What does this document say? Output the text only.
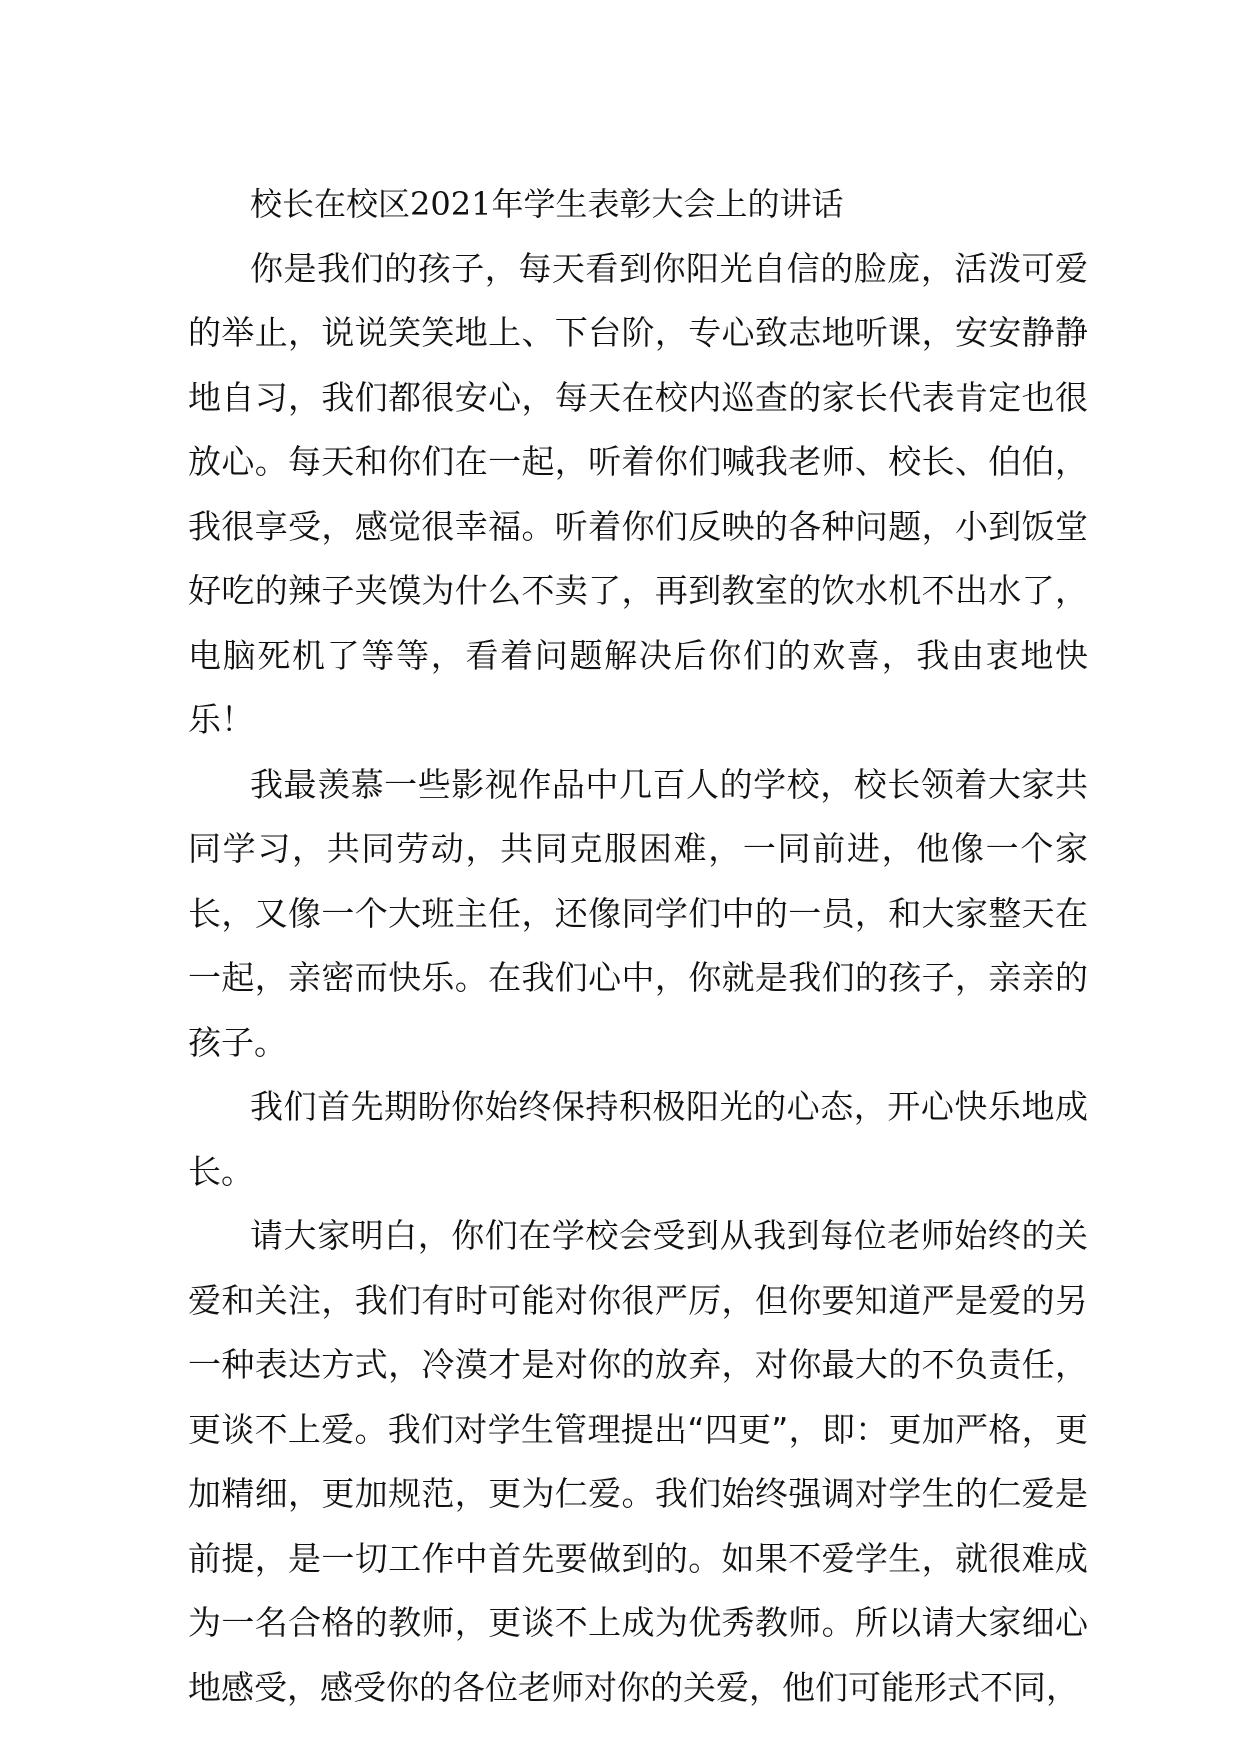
校长在校区2021年学生表彰大会上的讲话

你是我们的孩子，每天看到你阳光自信的脸庞，活泼可爱的举止，说说笑笑地上、下台阶，专心致志地听课，安安静静地自习，我们都很安心，每天在校内巡查的家长代表肯定也很放心。每天和你们在一起，听着你们喊我老师、校长、伯伯，我很享受，感觉很幸福。听着你们反映的各种问题，小到饭堂好吃的辣子夹馍为什么不卖了，再到教室的饮水机不出水了，电脑死机了等等，看着问题解决后你们的欢喜，我由衷地快乐！

我最羡慕一些影视作品中几百人的学校，校长领着大家共同学习，共同劳动，共同克服困难，一同前进，他像一个家长，又像一个大班主任，还像同学们中的一员，和大家整天在一起，亲密而快乐。在我们心中，你就是我们的孩子，亲亲的孩子。

我们首先期盼你始终保持积极阳光的心态，开心快乐地成长。

请大家明白，你们在学校会受到从我到每位老师始终的关爱和关注，我们有时可能对你很严厉，但你要知道严是爱的另一种表达方式，冷漠才是对你的放弃，对你最大的不负责任，更谈不上爱。我们对学生管理提出“四更”，即：更加严格，更加精细，更加规范，更为仁爱。我们始终强调对学生的仁爱是前提，是一切工作中首先要做到的。如果不爱学生，就很难成为一名合格的教师，更谈不上成为优秀教师。所以请大家细心地感受，感受你的各位老师对你的关爱，他们可能形式不同，
